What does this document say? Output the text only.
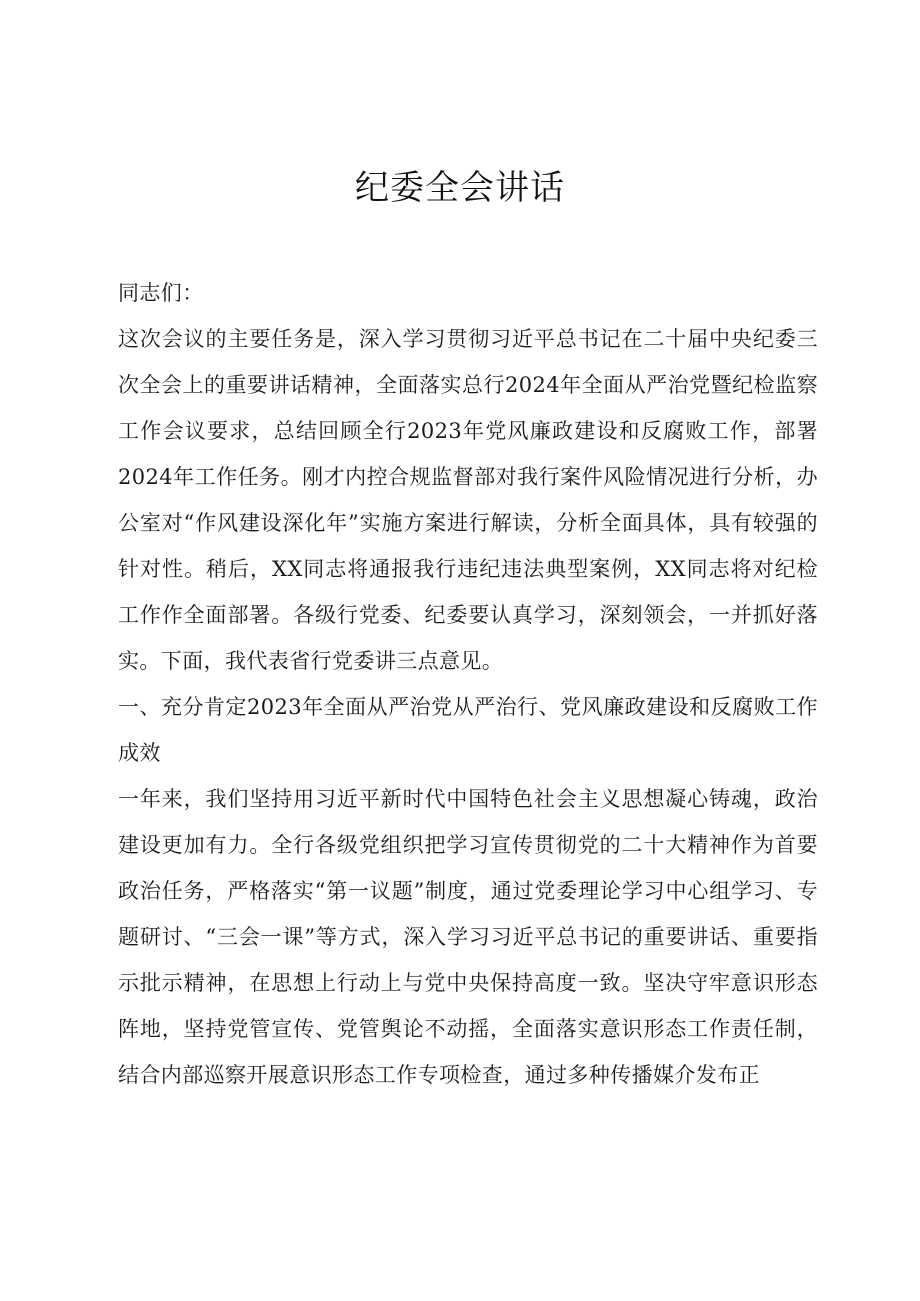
纪委全会讲话

同志们：

这次会议的主要任务是，深入学习贯彻习近平总书记在二十届中央纪委三次全会上的重要讲话精神，全面落实总行2024年全面从严治党暨纪检监察工作会议要求，总结回顾全行2023年党风廉政建设和反腐败工作，部署2024年工作任务。刚才内控合规监督部对我行案件风险情况进行分析，办公室对“作风建设深化年”实施方案进行解读，分析全面具体，具有较强的针对性。稍后，XX同志将通报我行违纪违法典型案例，XX同志将对纪检工作作全面部署。各级行党委、纪委要认真学习，深刻领会，一并抓好落实。下面，我代表省行党委讲三点意见。

一、充分肯定2023年全面从严治党从严治行、党风廉政建设和反腐败工作成效

一年来，我们坚持用习近平新时代中国特色社会主义思想凝心铸魂，政治建设更加有力。全行各级党组织把学习宣传贯彻党的二十大精神作为首要政治任务，严格落实“第一议题”制度，通过党委理论学习中心组学习、专题研讨、“三会一课”等方式，深入学习习近平总书记的重要讲话、重要指示批示精神，在思想上行动上与党中央保持高度一致。坚决守牢意识形态阵地，坚持党管宣传、党管舆论不动摇，全面落实意识形态工作责任制，结合内部巡察开展意识形态工作专项检查，通过多种传播媒介发布正
